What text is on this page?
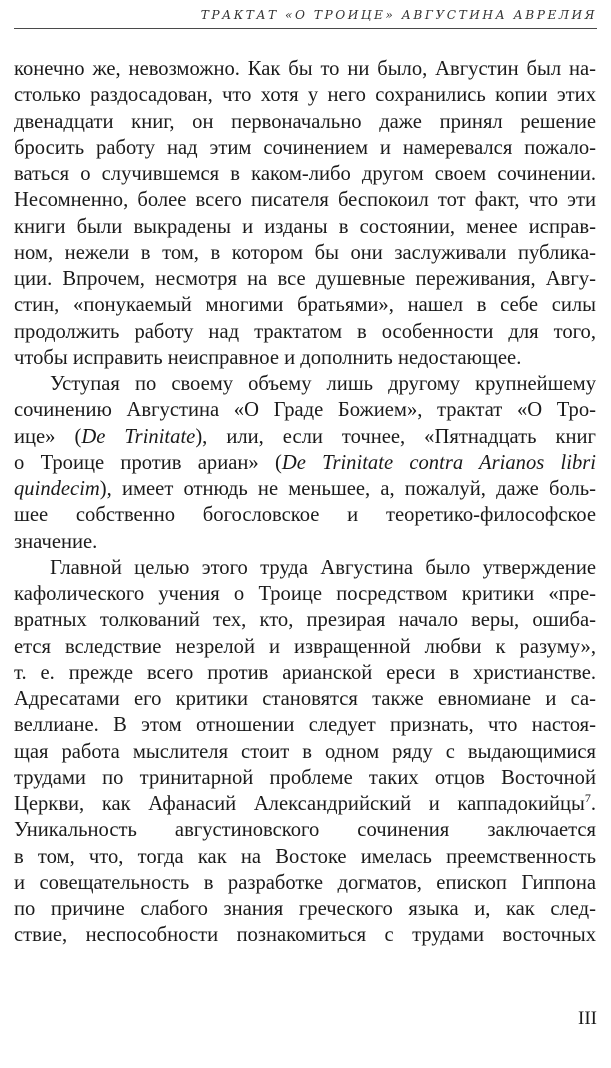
ТРАКТАТ «О ТРОИЦЕ» АВГУСТИНА АВРЕЛИЯ
конечно же, невозможно. Как бы то ни было, Августин был на-
столько раздосадован, что хотя у него сохранились копии этих
двенадцати книг, он первоначально даже принял решение
бросить работу над этим сочинением и намеревался пожало-
ваться о случившемся в каком-либо другом своем сочинении.
Несомненно, более всего писателя беспокоил тот факт, что эти
книги были выкрадены и изданы в состоянии, менее исправ-
ном, нежели в том, в котором бы они заслуживали публика-
ции. Впрочем, несмотря на все душевные переживания, Авгу-
стин, «понукаемый многими братьями», нашел в себе силы
продолжить работу над трактатом в особенности для того,
чтобы исправить неисправное и дополнить недостающее.
Уступая по своему объему лишь другому крупнейшему
сочинению Августина «О Граде Божием», трактат «О Тро-
ице» (De Trinitate), или, если точнее, «Пятнадцать книг
о Троице против ариан» (De Trinitate contra Arianos libri
quindecim), имеет отнюдь не меньшее, а, пожалуй, даже боль-
шее собственно богословское и теоретико-философское
значение.
Главной целью этого труда Августина было утверждение
кафолического учения о Троице посредством критики «пре-
вратных толкований тех, кто, презирая начало веры, ошиба-
ется вследствие незрелой и извращенной любви к разуму»,
т. е. прежде всего против арианской ереси в христианстве.
Адресатами его критики становятся также евномиане и са-
веллиане. В этом отношении следует признать, что настоя-
щая работа мыслителя стоит в одном ряду с выдающимися
трудами по тринитарной проблеме таких отцов Восточной
Церкви, как Афанасий Александрийский и каппадокийцы$^7$.
Уникальность августиновского сочинения заключается
в том, что, тогда как на Востоке имелась преемственность
и совещательность в разработке догматов, епископ Гиппона
по причине слабого знания греческого языка и, как след-
ствие, неспособности познакомиться с трудами восточных
III
